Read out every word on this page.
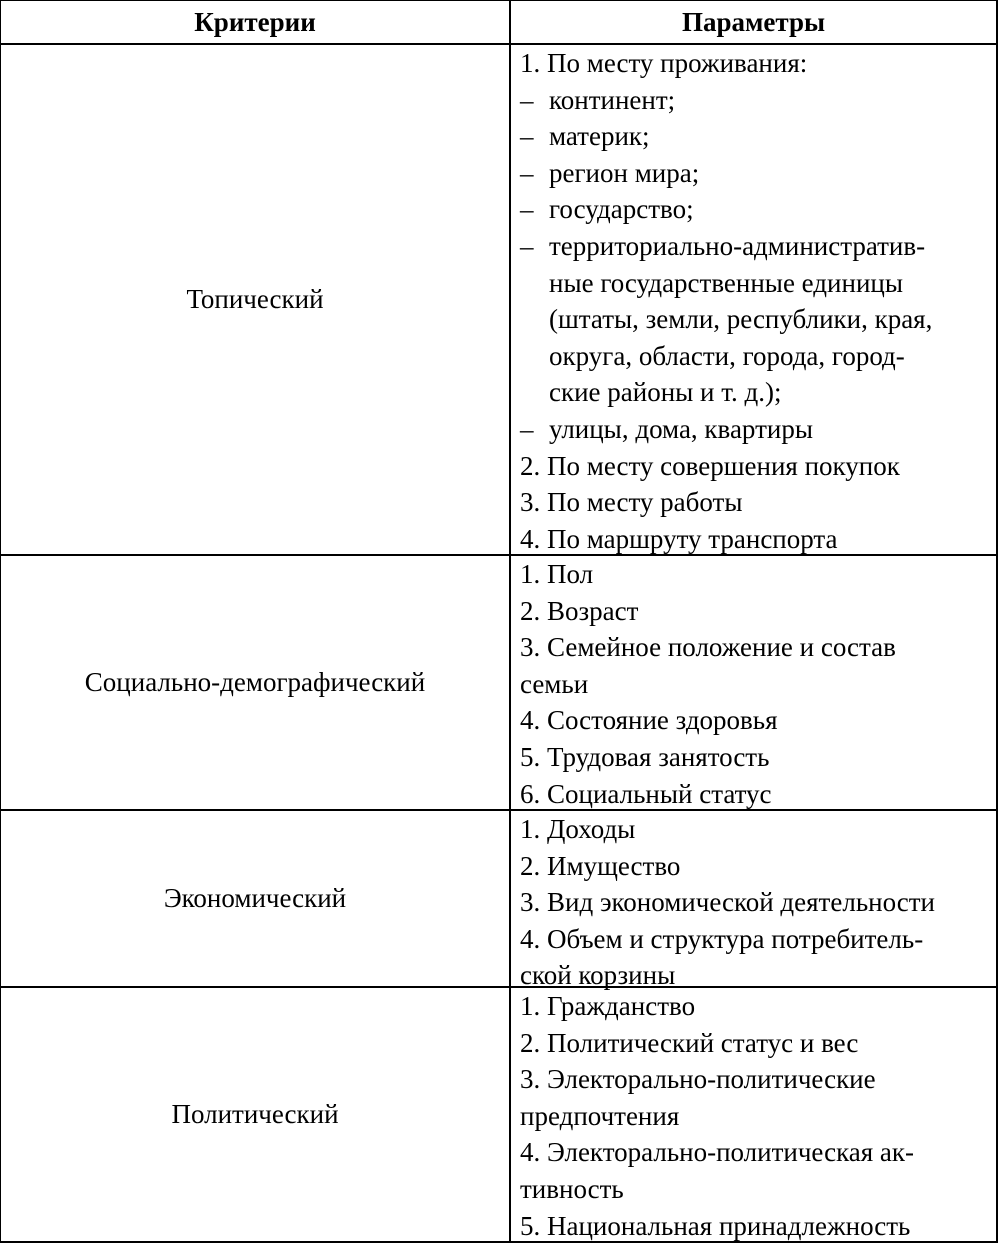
Критерии	Параметры
Топический
1. По месту проживания:
– континент;
– материк;
– регион мира;
– государство;
– территориально-административ-
ные государственные единицы
(штаты, земли, республики, края,
округа, области, города, город-
ские районы и т. д.);
– улицы, дома, квартиры
2. По месту совершения покупок
3. По месту работы
4. По маршруту транспорта
Социально-демографический
1. Пол
2. Возраст
3. Семейное положение и состав
семьи
4. Состояние здоровья
5. Трудовая занятость
6. Социальный статус
Экономический
1. Доходы
2. Имущество
3. Вид экономической деятельности
4. Объем и структура потребитель-
ской корзины
Политический
1. Гражданство
2. Политический статус и вес
3. Электорально-политические
предпочтения
4. Электорально-политическая ак-
тивность
5. Национальная принадлежность
